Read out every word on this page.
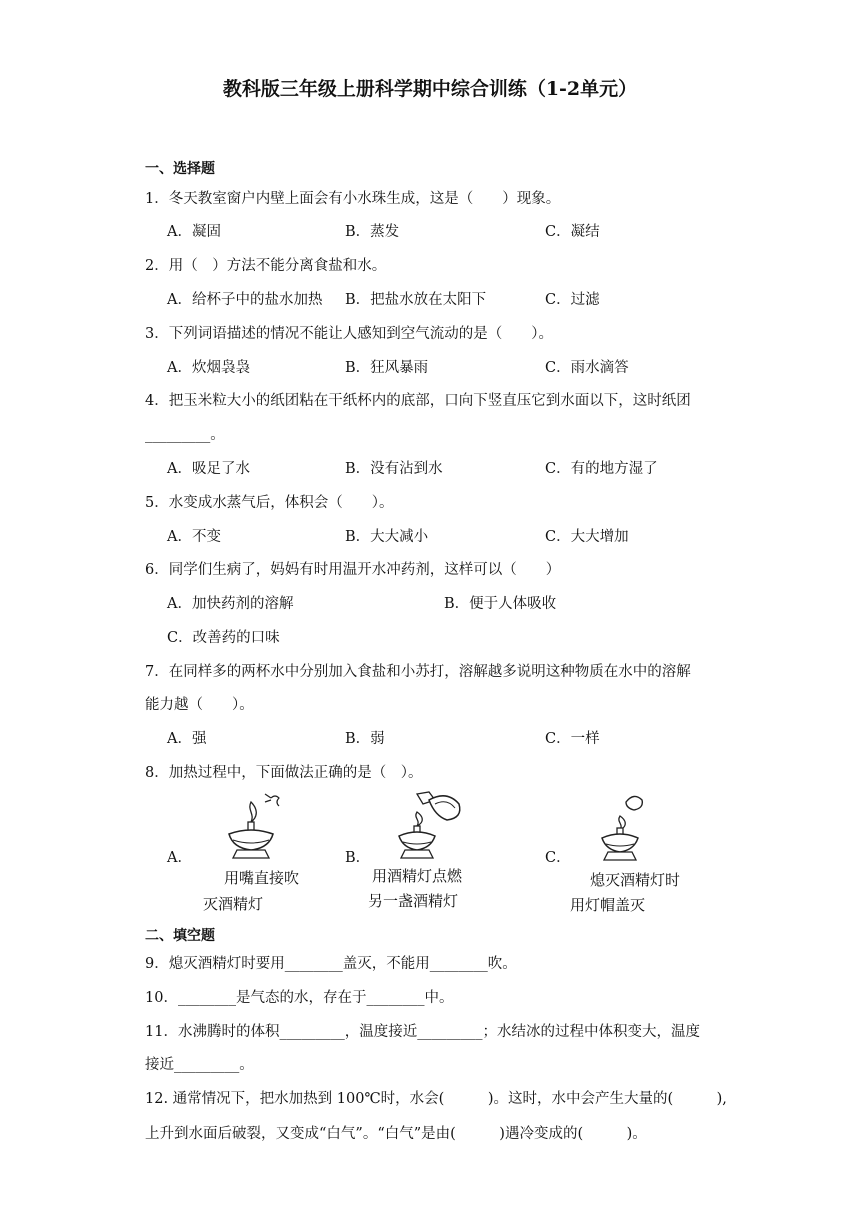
教科版三年级上册科学期中综合训练（1-2单元）
一、选择题
1．冬天教室窗户内壁上面会有小水珠生成，这是（　　）现象。
A．凝固	B．蒸发	C．凝结
2．用（　）方法不能分离食盐和水。
A．给杯子中的盐水加热 B．把盐水放在太阳下	C．过滤
3．下列词语描述的情况不能让人感知到空气流动的是（　　）。
A．炊烟袅袅	B．狂风暴雨	C．雨水滴答
4．把玉米粒大小的纸团粘在干纸杯内的底部，口向下竖直压它到水面以下，这时纸团
_________。
A．吸足了水	B．没有沾到水	C．有的地方湿了
5．水变成水蒸气后，体积会（　　）。
A．不变	B．大大减小	C．大大增加
6．同学们生病了，妈妈有时用温开水冲药剂，这样可以（　　）
A．加快药剂的溶解	B．便于人体吸收
C．改善药的口味
7．在同样多的两杯水中分别加入食盐和小苏打，溶解越多说明这种物质在水中的溶解
能力越（　　）。
A．强	B．弱	C．一样
8．加热过程中，下面做法正确的是（　）。
A．	B．	C．
用嘴直接吹
灭酒精灯
用酒精灯点燃
另一盏酒精灯
熄灭酒精灯时
用灯帽盖灭
二、填空题
9．熄灭酒精灯时要用________盖灭，不能用________吹。
10．________是气态的水，存在于________中。
11．水沸腾时的体积_________，温度接近_________；水结冰的过程中体积变大，温度
接近_________。
12. 通常情况下，把水加热到 100℃时，水会(　　　)。这时，水中会产生大量的(　　　),
上升到水面后破裂，又变成“白气”。“白气”是由(　　　)遇冷变成的(　　　)。
